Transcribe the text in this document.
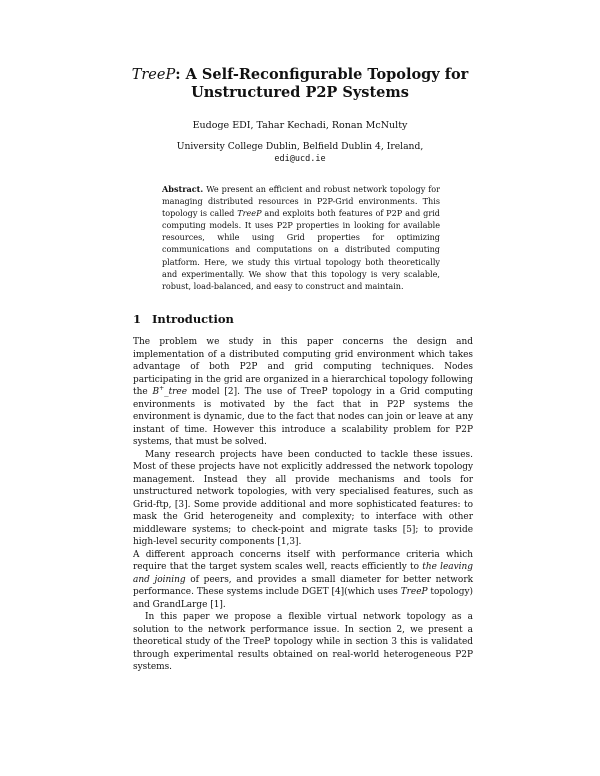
TreeP: A Self-Reconfigurable Topology for
Unstructured P2P Systems
Eudoge EDI, Tahar Kechadi, Ronan McNulty
University College Dublin, Belfield Dublin 4, Ireland,
edi@ucd.ie

Abstract. We present an efficient and robust network topology for managing distributed resources in P2P-Grid environments. This topology is called TreeP and exploits both features of P2P and grid computing models. It uses P2P properties in looking for available resources, while using Grid properties for optimizing communications and computations on a distributed computing platform. Here, we study this virtual topology both theoretically and experimentally. We show that this topology is very scalable, robust, load-balanced, and easy to construct and maintain.

1 Introduction

The problem we study in this paper concerns the design and implementation of a distributed computing grid environment which takes advantage of both P2P and grid computing techniques. Nodes participating in the grid are organized in a hierarchical topology following the B+_tree model [2]. The use of TreeP topology in a Grid computing environments is motivated by the fact that in P2P systems the environment is dynamic, due to the fact that nodes can join or leave at any instant of time. However this introduce a scalability problem for P2P systems, that must be solved.

Many research projects have been conducted to tackle these issues. Most of these projects have not explicitly addressed the network topology management. Instead they all provide mechanisms and tools for unstructured network topologies, with very specialised features, such as Grid-ftp, [3]. Some provide additional and more sophisticated features: to mask the Grid heterogeneity and complexity; to interface with other middleware systems; to check-point and migrate tasks [5]; to provide high-level security components [1,3].

A different approach concerns itself with performance criteria which require that the target system scales well, reacts efficiently to the leaving and joining of peers, and provides a small diameter for better network performance. These systems include DGET [4](which uses TreeP topology) and GrandLarge [1].

In this paper we propose a flexible virtual network topology as a solution to the network performance issue. In section 2, we present a theoretical study of the TreeP topology while in section 3 this is validated through experimental results obtained on real-world heterogeneous P2P systems.
